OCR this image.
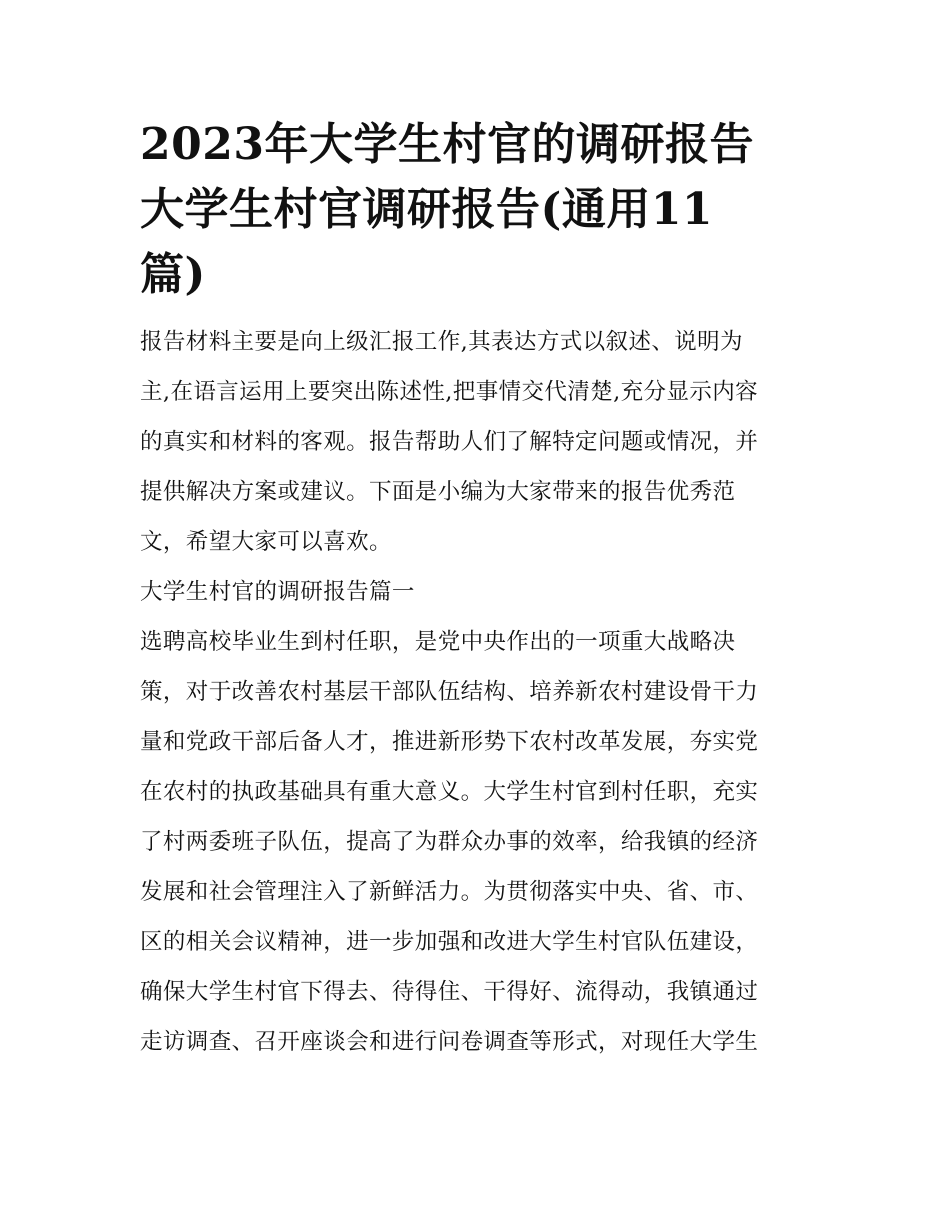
2023年大学生村官的调研报告
大学生村官调研报告(通用11
篇)

报告材料主要是向上级汇报工作,其表达方式以叙述、说明为

主,在语言运用上要突出陈述性,把事情交代清楚,充分显示内容

的真实和材料的客观。报告帮助人们了解特定问题或情况，并

提供解决方案或建议。下面是小编为大家带来的报告优秀范

文，希望大家可以喜欢。

大学生村官的调研报告篇一

选聘高校毕业生到村任职，是党中央作出的一项重大战略决

策，对于改善农村基层干部队伍结构、培养新农村建设骨干力

量和党政干部后备人才，推进新形势下农村改革发展，夯实党

在农村的执政基础具有重大意义。大学生村官到村任职，充实

了村两委班子队伍，提高了为群众办事的效率，给我镇的经济

发展和社会管理注入了新鲜活力。为贯彻落实中央、省、市、

区的相关会议精神，进一步加强和改进大学生村官队伍建设，

确保大学生村官下得去、待得住、干得好、流得动，我镇通过

走访调查、召开座谈会和进行问卷调查等形式，对现任大学生
